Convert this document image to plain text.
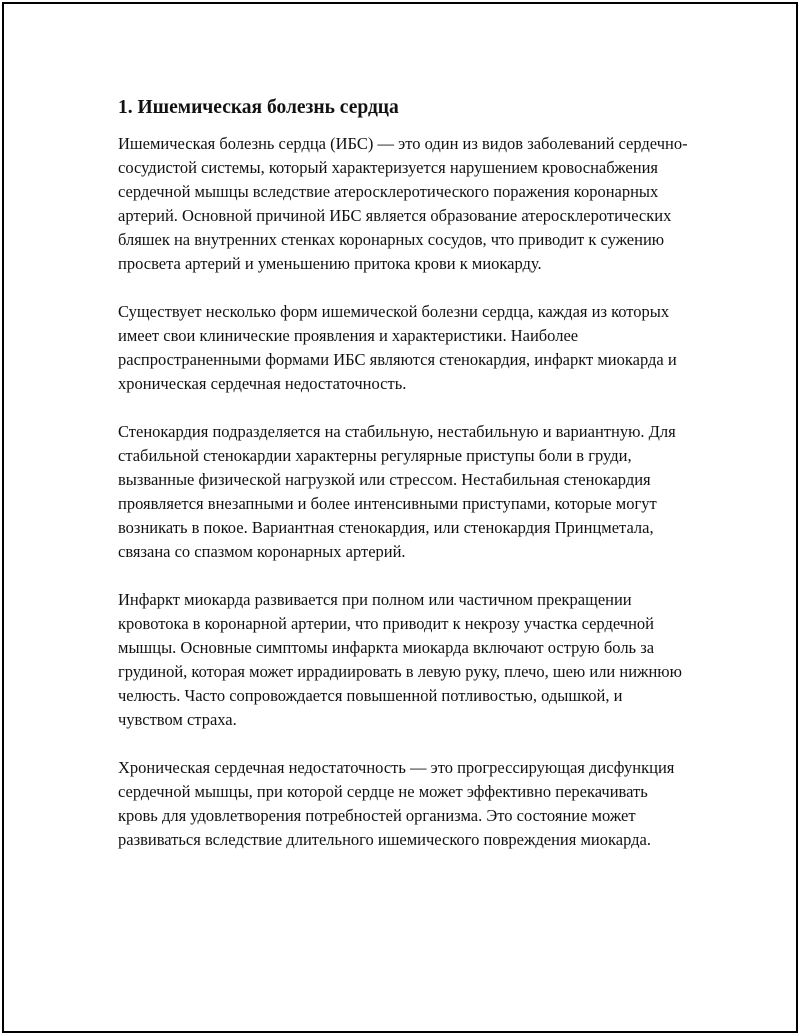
1. Ишемическая болезнь сердца

Ишемическая болезнь сердца (ИБС) — это один из видов заболеваний сердечно-сосудистой системы, который характеризуется нарушением кровоснабжения сердечной мышцы вследствие атеросклеротического поражения коронарных артерий. Основной причиной ИБС является образование атеросклеротических бляшек на внутренних стенках коронарных сосудов, что приводит к сужению просвета артерий и уменьшению притока крови к миокарду.

Существует несколько форм ишемической болезни сердца, каждая из которых имеет свои клинические проявления и характеристики. Наиболее распространенными формами ИБС являются стенокардия, инфаркт миокарда и хроническая сердечная недостаточность.

Стенокардия подразделяется на стабильную, нестабильную и вариантную. Для стабильной стенокардии характерны регулярные приступы боли в груди, вызванные физической нагрузкой или стрессом. Нестабильная стенокардия проявляется внезапными и более интенсивными приступами, которые могут возникать в покое. Вариантная стенокардия, или стенокардия Принцметала, связана со спазмом коронарных артерий.

Инфаркт миокарда развивается при полном или частичном прекращении кровотока в коронарной артерии, что приводит к некрозу участка сердечной мышцы. Основные симптомы инфаркта миокарда включают острую боль за грудиной, которая может иррадиировать в левую руку, плечо, шею или нижнюю челюсть. Часто сопровождается повышенной потливостью, одышкой, и чувством страха.

Хроническая сердечная недостаточность — это прогрессирующая дисфункция сердечной мышцы, при которой сердце не может эффективно перекачивать кровь для удовлетворения потребностей организма. Это состояние может развиваться вследствие длительного ишемического повреждения миокарда.
